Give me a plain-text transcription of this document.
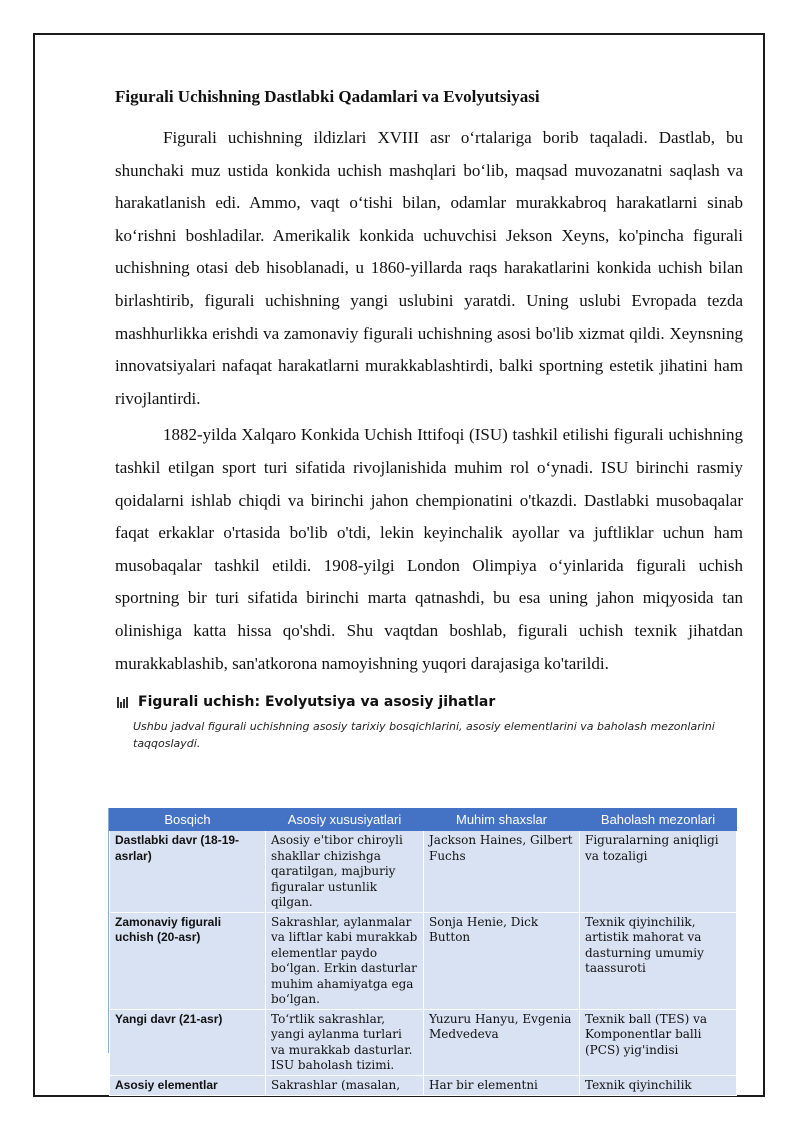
Figurali Uchishning Dastlabki Qadamlari va Evolyutsiyasi

Figurali uchishning ildizlari XVIII asr o‘rtalariga borib taqaladi. Dastlab, bu shunchaki muz ustida konkida uchish mashqlari bo‘lib, maqsad muvozanatni saqlash va harakatlanish edi. Ammo, vaqt o‘tishi bilan, odamlar murakkabroq harakatlarni sinab ko‘rishni boshladilar. Amerikalik konkida uchuvchisi Jekson Xeyns, ko'pincha figurali uchishning otasi deb hisoblanadi, u 1860-yillarda raqs harakatlarini konkida uchish bilan birlashtirib, figurali uchishning yangi uslubini yaratdi. Uning uslubi Evropada tezda mashhurlikka erishdi va zamonaviy figurali uchishning asosi bo'lib xizmat qildi. Xeynsning innovatsiyalari nafaqat harakatlarni murakkablashtirdi, balki sportning estetik jihatini ham rivojlantirdi.

1882-yilda Xalqaro Konkida Uchish Ittifoqi (ISU) tashkil etilishi figurali uchishning tashkil etilgan sport turi sifatida rivojlanishida muhim rol o‘ynadi. ISU birinchi rasmiy qoidalarni ishlab chiqdi va birinchi jahon chempionatini o'tkazdi. Dastlabki musobaqalar faqat erkaklar o'rtasida bo'lib o'tdi, lekin keyinchalik ayollar va juftliklar uchun ham musobaqalar tashkil etildi. 1908-yilgi London Olimpiya o‘yinlarida figurali uchish sportning bir turi sifatida birinchi marta qatnashdi, bu esa uning jahon miqyosida tan olinishiga katta hissa qo'shdi. Shu vaqtdan boshlab, figurali uchish texnik jihatdan murakkablashib, san'atkorona namoyishning yuqori darajasiga ko'tarildi.

Figurali uchish: Evolyutsiya va asosiy jihatlar
Ushbu jadval figurali uchishning asosiy tarixiy bosqichlarini, asosiy elementlarini va baholash mezonlarini taqqoslaydi.
Bosqich	Asosiy xususiyatlari	Muhim shaxslar	Baholash mezonlari
Dastlabki davr (18-19-asrlar)	Asosiy e'tibor chiroyli shakllar chizishga qaratilgan, majburiy figuralar ustunlik qilgan.	Jackson Haines, Gilbert Fuchs	Figuralarning aniqligi va tozaligi
Zamonaviy figurali uchish (20-asr)	Sakrashlar, aylanmalar va liftlar kabi murakkab elementlar paydo bo‘lgan. Erkin dasturlar muhim ahamiyatga ega bo‘lgan.	Sonja Henie, Dick Button	Texnik qiyinchilik, artistik mahorat va dasturning umumiy taassuroti
Yangi davr (21-asr)	To‘rtlik sakrashlar, yangi aylanma turlari va murakkab dasturlar. ISU baholash tizimi.	Yuzuru Hanyu, Evgenia Medvedeva	Texnik ball (TES) va Komponentlar balli (PCS) yig'indisi
Asosiy elementlar	Sakrashlar (masalan,	Har bir elementni	Texnik qiyinchilik
